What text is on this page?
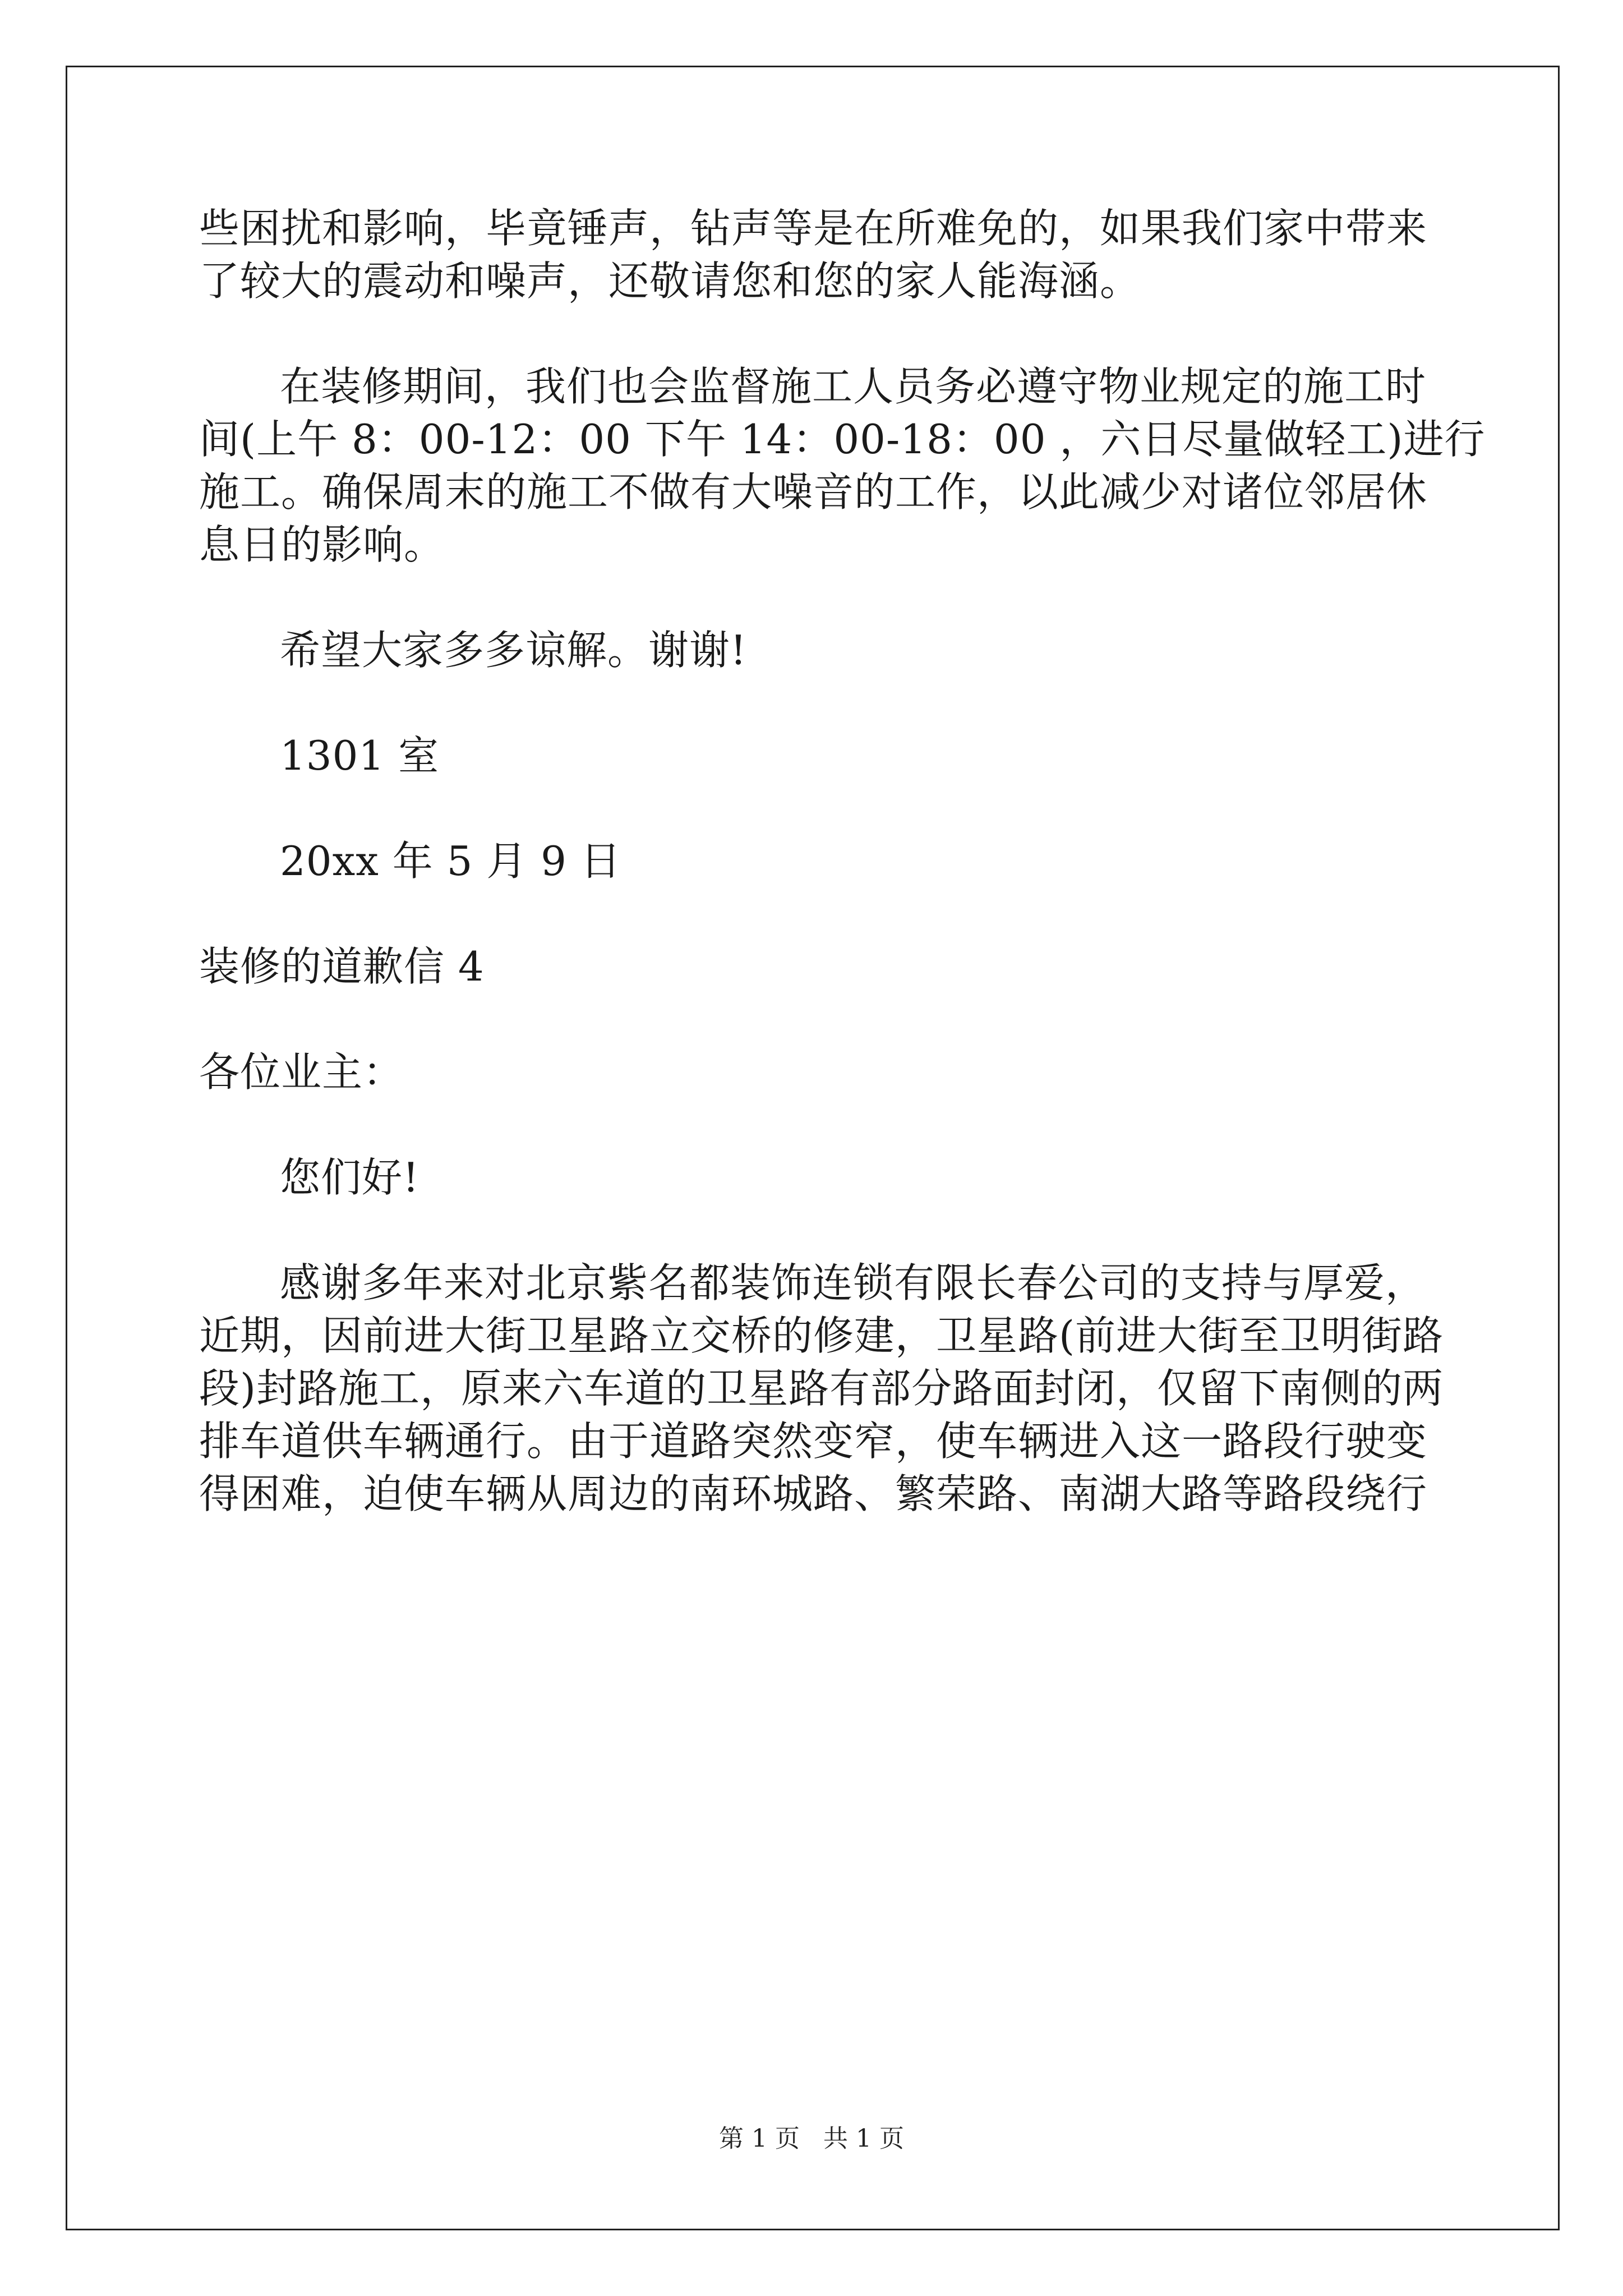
些困扰和影响，毕竟锤声，钻声等是在所难免的，如果我们家中带来
了较大的震动和噪声，还敬请您和您的家人能海涵。
在装修期间，我们也会监督施工人员务必遵守物业规定的施工时
间(上午 8：00-12：00 下午 14：00-18：00 ，六日尽量做轻工)进行
施工。确保周末的施工不做有大噪音的工作，以此减少对诸位邻居休
息日的影响。
希望大家多多谅解。谢谢!
1301 室
20xx 年 5 月 9 日
装修的道歉信 4
各位业主：
您们好!
感谢多年来对北京紫名都装饰连锁有限长春公司的支持与厚爱，
近期，因前进大街卫星路立交桥的修建，卫星路(前进大街至卫明街路
段)封路施工，原来六车道的卫星路有部分路面封闭，仅留下南侧的两
排车道供车辆通行。由于道路突然变窄，使车辆进入这一路段行驶变
得困难，迫使车辆从周边的南环城路、繁荣路、南湖大路等路段绕行
第 1 页 共 1 页
